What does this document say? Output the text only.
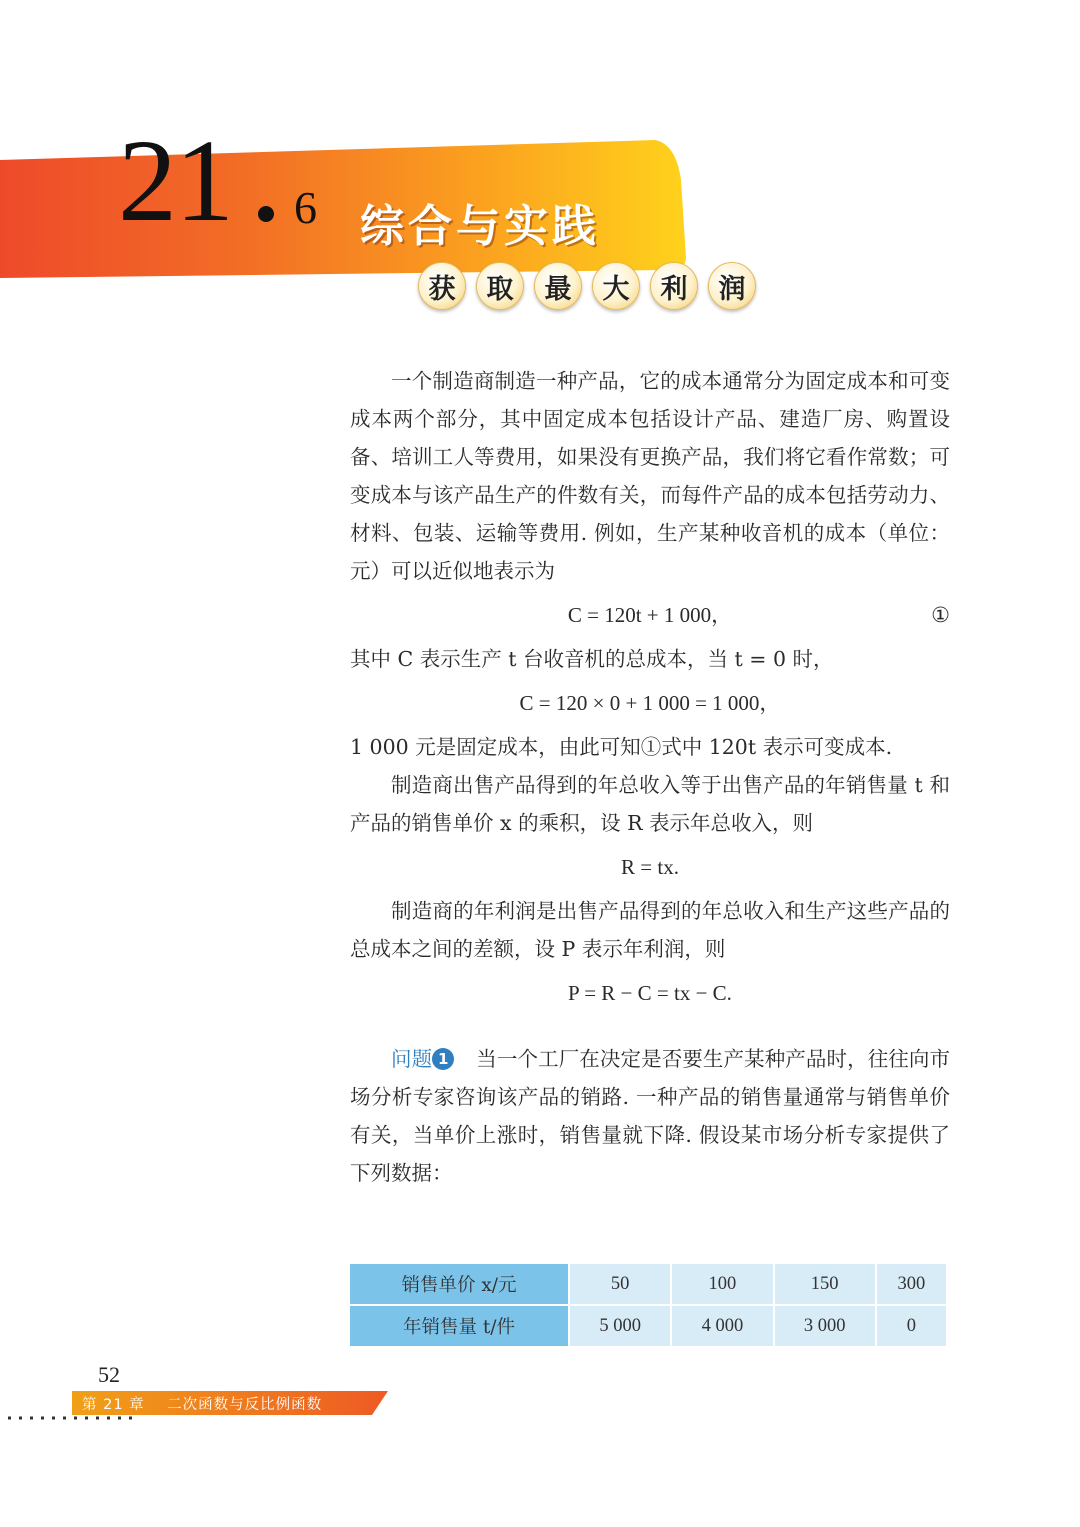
21 6 综合与实践
获	取	最	大	利	润

一个制造商制造一种产品，它的成本通常分为固定成本和可变成本两个部分，其中固定成本包括设计产品、建造厂房、购置设备、培训工人等费用，如果没有更换产品，我们将它看作常数；可变成本与该产品生产的件数有关，而每件产品的成本包括劳动力、材料、包装、运输等费用. 例如，生产某种收音机的成本（单位：元）可以近似地表示为

C = 120t + 1 000，	①

其中 C 表示生产 t 台收音机的总成本，当 t = 0 时，

C = 120 × 0 + 1 000 = 1 000，

1 000 元是固定成本，由此可知①式中 120t 表示可变成本.

制造商出售产品得到的年总收入等于出售产品的年销售量 t 和产品的销售单价 x 的乘积，设 R 表示年总收入，则

R = tx.

制造商的年利润是出售产品得到的年总收入和生产这些产品的总成本之间的差额，设 P 表示年利润，则

P = R − C = tx − C.

问题 1 当一个工厂在决定是否要生产某种产品时，往往向市场分析专家咨询该产品的销路. 一种产品的销售量通常与销售单价有关，当单价上涨时，销售量就下降. 假设某市场分析专家提供了下列数据：

销售单价 x/元	50	100	150	300
年销售量 t/件	5 000	4 000	3 000	0
52
第 21 章    二次函数与反比例函数
